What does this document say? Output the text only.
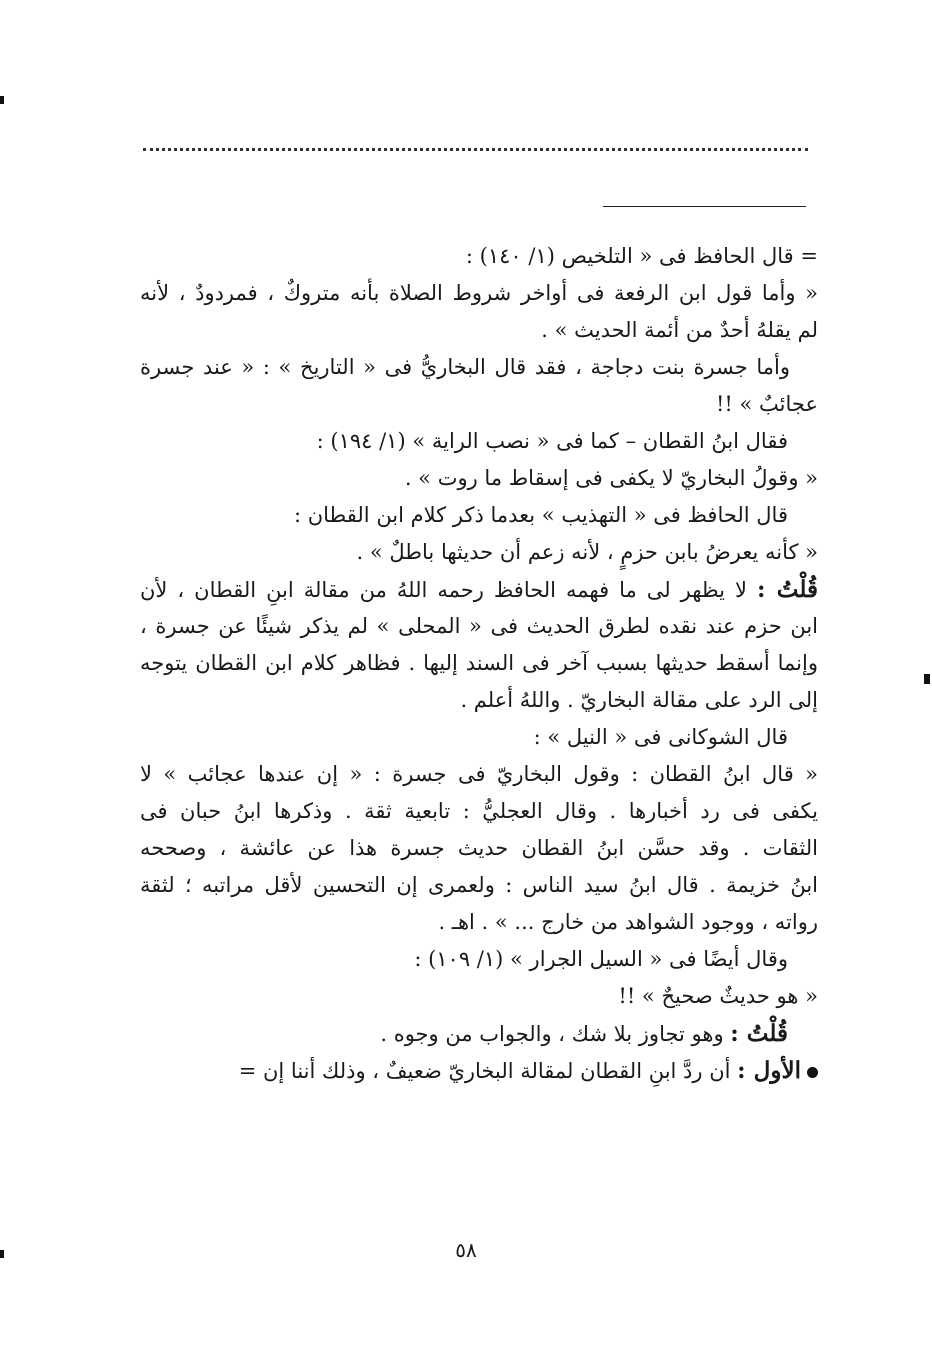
= قال الحافظ فى « التلخيص (١/ ١٤٠) :
« وأما قول ابن الرفعة فى أواخر شروط الصلاة بأنه متروكٌ ، فمردودٌ ، لأنه
لم يقلهُ أحدٌ من أئمة الحديث » .
وأما جسرة بنت دجاجة ، فقد قال البخاريُّ فى « التاريخ » : « عند جسرة
عجائبٌ » !!
فقال ابنُ القطان – كما فى « نصب الراية » (١/ ١٩٤) :
« وقولُ البخاريّ لا يكفى فى إسقاط ما روت » .
قال الحافظ فى « التهذيب » بعدما ذكر كلام ابن القطان :
« كأنه يعرضُ بابن حزمٍ ، لأنه زعم أن حديثها باطلٌ » .
قُلْتُ : لا يظهر لى ما فهمه الحافظ رحمه اللهُ من مقالة ابنِ القطان ، لأن
ابن حزم عند نقده لطرق الحديث فى « المحلى » لم يذكر شيئًا عن جسرة ،
وإنما أسقط حديثها بسبب آخر فى السند إليها . فظاهر كلام ابن القطان يتوجه
إلى الرد على مقالة البخاريّ . واللهُ أعلم .
قال الشوكانى فى « النيل » :
« قال ابنُ القطان : وقول البخاريّ فى جسرة : « إن عندها عجائب » لا
يكفى فى رد أخبارها . وقال العجليُّ : تابعية ثقة . وذكرها ابنُ حبان فى
الثقات . وقد حسَّن ابنُ القطان حديث جسرة هذا عن عائشة ، وصححه
ابنُ خزيمة . قال ابنُ سيد الناس : ولعمرى إن التحسين لأقل مراتبه ؛ لثقة
رواته ، ووجود الشواهد من خارج ... » . اهـ .
وقال أيضًا فى « السيل الجرار » (١/ ١٠٩) :
« هو حديثٌ صحيحٌ » !!
قُلْتُ : وهو تجاوز بلا شك ، والجواب من وجوه .
الأول : أن ردَّ ابنِ القطان لمقالة البخاريّ ضعيفٌ ، وذلك أننا إن =
٥٨
